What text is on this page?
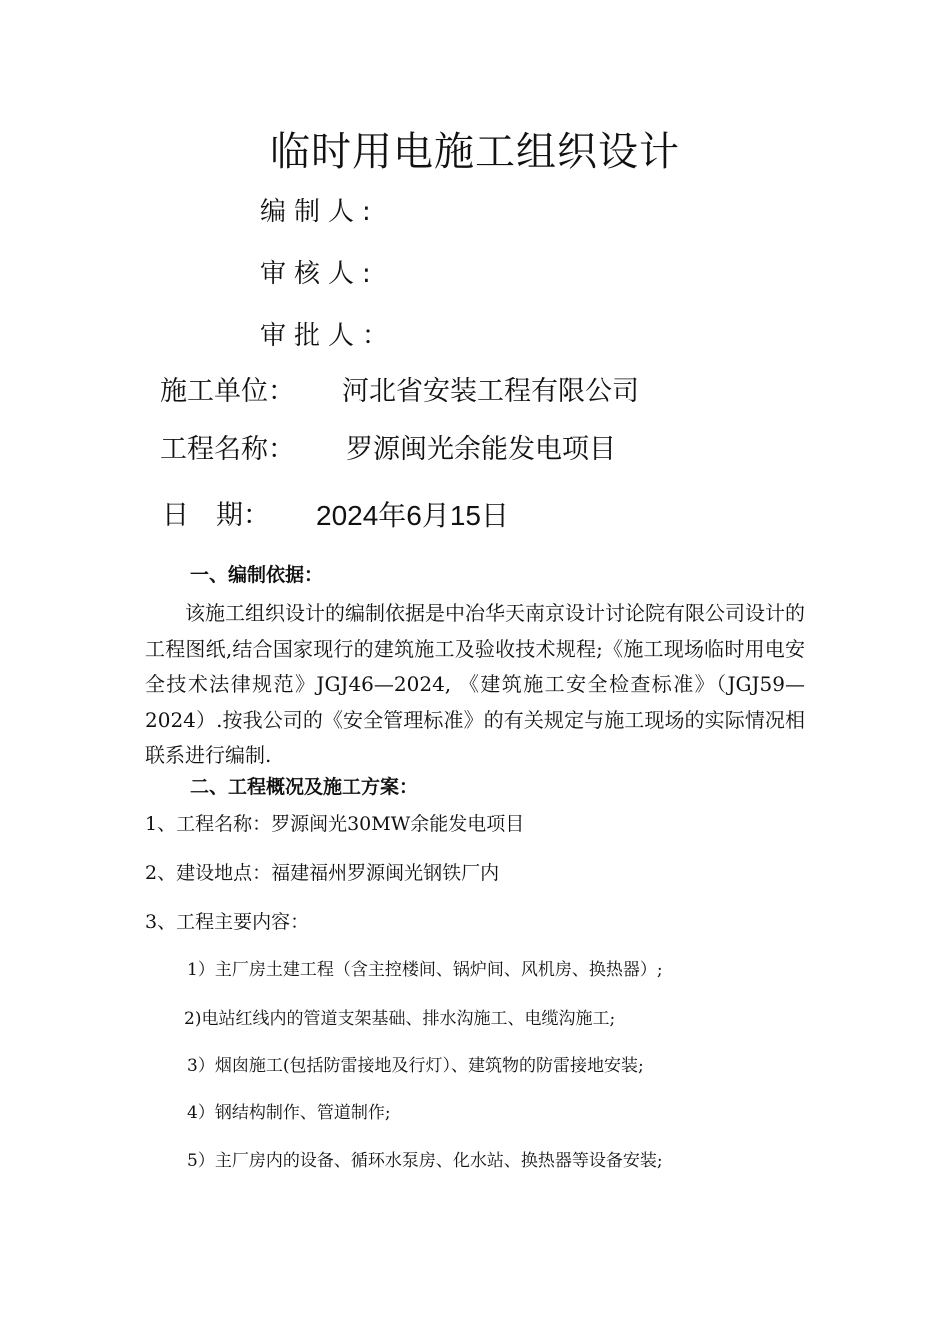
临时用电施工组织设计
编制人:
审核人:
审批人：
施工单位： 河北省安装工程有限公司
工程名称： 罗源闽光余能发电项目
日　期： 2024年6月15日
一、编制依据：
该施工组织设计的编制依据是中冶华天南京设计讨论院有限公司设计的工程图纸,结合国家现行的建筑施工及验收技术规程;《施工现场临时用电安全技术法律规范》JGJ46—2024, 《建筑施工安全检查标准》（JGJ59—2024）.按我公司的《安全管理标准》的有关规定与施工现场的实际情况相联系进行编制.
二、工程概况及施工方案：
1、工程名称：罗源闽光30MW余能发电项目
2、建设地点：福建福州罗源闽光钢铁厂内
3、工程主要内容：
1）主厂房土建工程（含主控楼间、锅炉间、风机房、换热器）;
2)电站红线内的管道支架基础、排水沟施工、电缆沟施工;
3）烟囱施工(包括防雷接地及行灯）、建筑物的防雷接地安装;
4）钢结构制作、管道制作;
5）主厂房内的设备、循环水泵房、化水站、换热器等设备安装;
